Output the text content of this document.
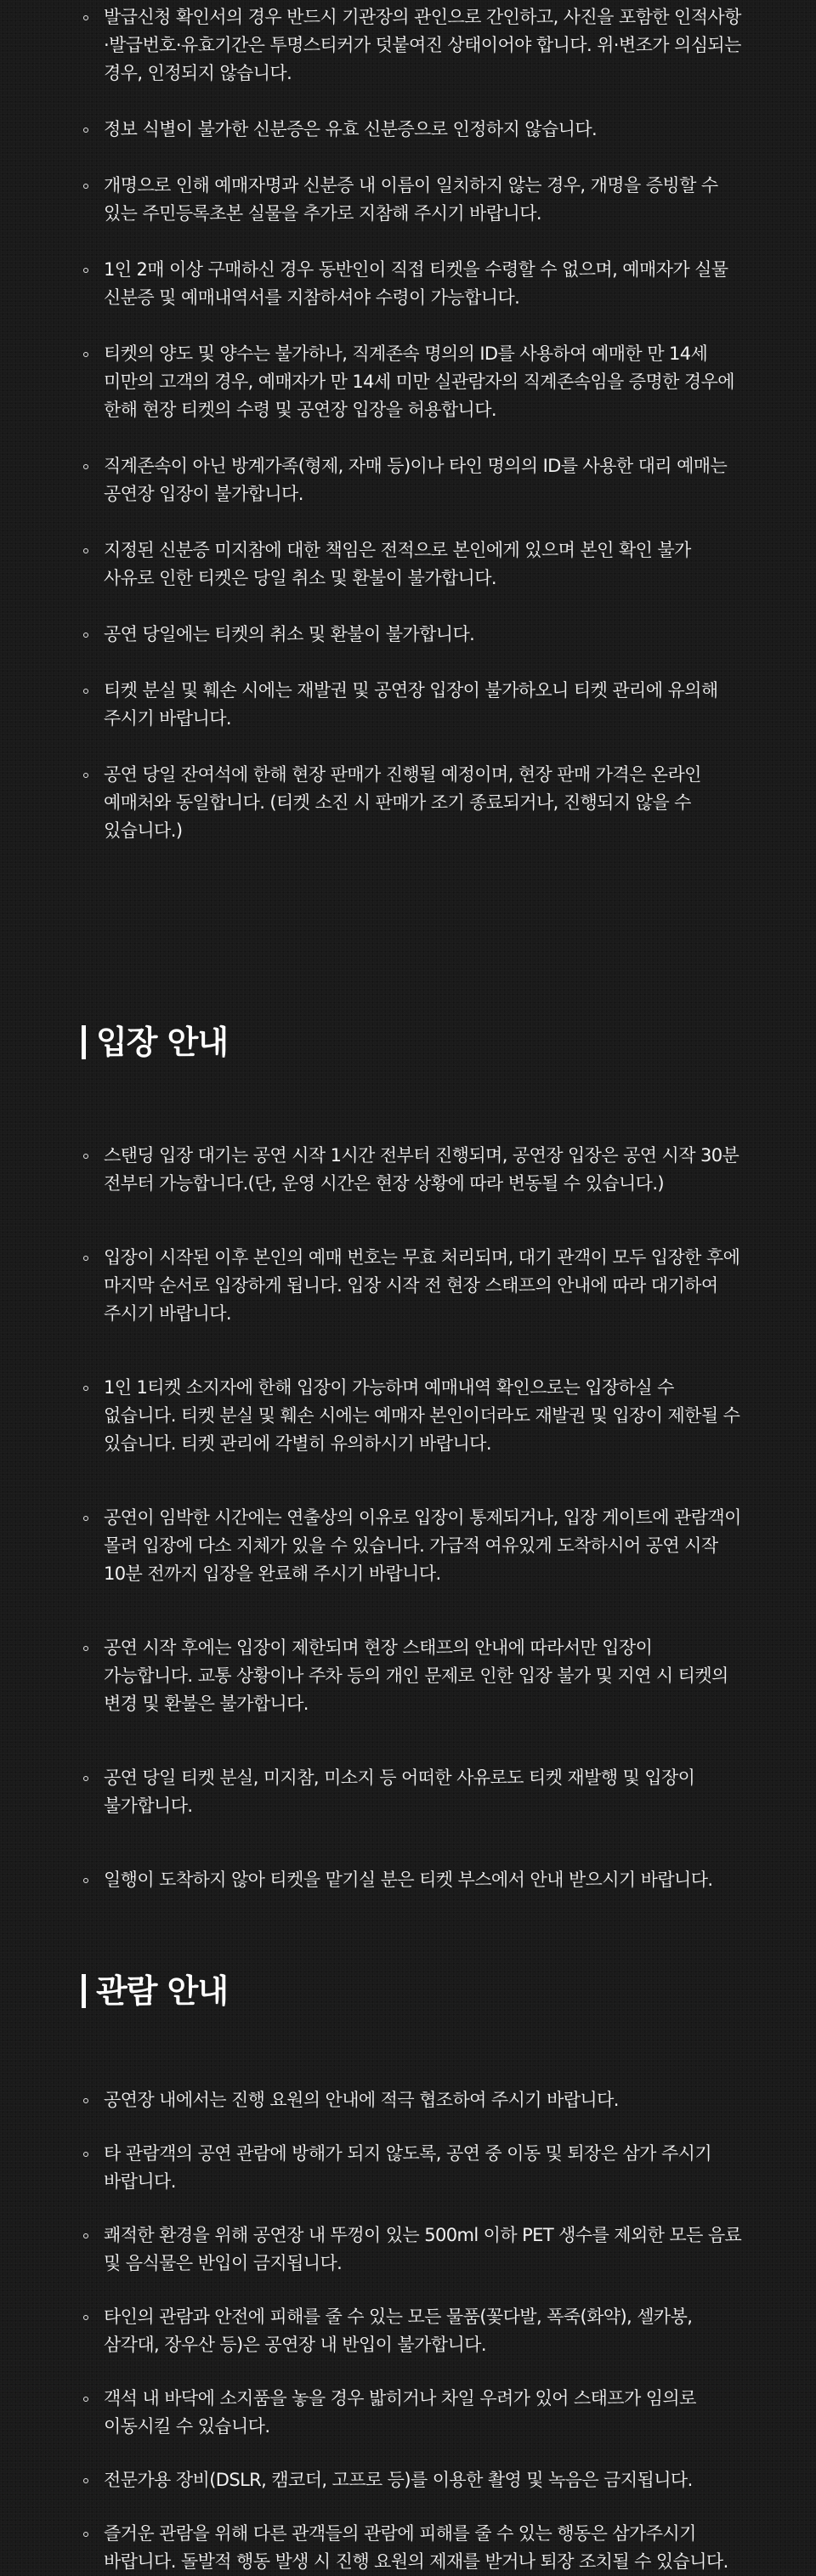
발급신청 확인서의 경우 반드시 기관장의 관인으로 간인하고, 사진을 포함한 인적사항·발급번호·유효기간은 투명스티커가 덧붙여진 상태이어야 합니다. 위·변조가 의심되는 경우, 인정되지 않습니다.
정보 식별이 불가한 신분증은 유효 신분증으로 인정하지 않습니다.
개명으로 인해 예매자명과 신분증 내 이름이 일치하지 않는 경우, 개명을 증빙할 수 있는 주민등록초본 실물을 추가로 지참해 주시기 바랍니다.
1인 2매 이상 구매하신 경우 동반인이 직접 티켓을 수령할 수 없으며, 예매자가 실물 신분증 및 예매내역서를 지참하셔야 수령이 가능합니다.
티켓의 양도 및 양수는 불가하나, 직계존속 명의의 ID를 사용하여 예매한 만 14세 미만의 고객의 경우, 예매자가 만 14세 미만 실관람자의 직계존속임을 증명한 경우에 한해 현장 티켓의 수령 및 공연장 입장을 허용합니다.
직계존속이 아닌 방계가족(형제, 자매 등)이나 타인 명의의 ID를 사용한 대리 예매는 공연장 입장이 불가합니다.
지정된 신분증 미지참에 대한 책임은 전적으로 본인에게 있으며 본인 확인 불가 사유로 인한 티켓은 당일 취소 및 환불이 불가합니다.
공연 당일에는 티켓의 취소 및 환불이 불가합니다.
티켓 분실 및 훼손 시에는 재발권 및 공연장 입장이 불가하오니 티켓 관리에 유의해 주시기 바랍니다.
공연 당일 잔여석에 한해 현장 판매가 진행될 예정이며, 현장 판매 가격은 온라인 예매처와 동일합니다. (티켓 소진 시 판매가 조기 종료되거나, 진행되지 않을 수 있습니다.)
입장 안내
스탠딩 입장 대기는 공연 시작 1시간 전부터 진행되며, 공연장 입장은 공연 시작 30분 전부터 가능합니다.(단, 운영 시간은 현장 상황에 따라 변동될 수 있습니다.)
입장이 시작된 이후 본인의 예매 번호는 무효 처리되며, 대기 관객이 모두 입장한 후에 마지막 순서로 입장하게 됩니다. 입장 시작 전 현장 스태프의 안내에 따라 대기하여 주시기 바랍니다.
1인 1티켓 소지자에 한해 입장이 가능하며 예매내역 확인으로는 입장하실 수 없습니다. 티켓 분실 및 훼손 시에는 예매자 본인이더라도 재발권 및 입장이 제한될 수 있습니다. 티켓 관리에 각별히 유의하시기 바랍니다.
공연이 임박한 시간에는 연출상의 이유로 입장이 통제되거나, 입장 게이트에 관람객이 몰려 입장에 다소 지체가 있을 수 있습니다. 가급적 여유있게 도착하시어 공연 시작 10분 전까지 입장을 완료해 주시기 바랍니다.
공연 시작 후에는 입장이 제한되며 현장 스태프의 안내에 따라서만 입장이 가능합니다. 교통 상황이나 주차 등의 개인 문제로 인한 입장 불가 및 지연 시 티켓의 변경 및 환불은 불가합니다.
공연 당일 티켓 분실, 미지참, 미소지 등 어떠한 사유로도 티켓 재발행 및 입장이 불가합니다.
일행이 도착하지 않아 티켓을 맡기실 분은 티켓 부스에서 안내 받으시기 바랍니다.
관람 안내
공연장 내에서는 진행 요원의 안내에 적극 협조하여 주시기 바랍니다.
타 관람객의 공연 관람에 방해가 되지 않도록, 공연 중 이동 및 퇴장은 삼가 주시기 바랍니다.
쾌적한 환경을 위해 공연장 내 뚜껑이 있는 500ml 이하 PET 생수를 제외한 모든 음료 및 음식물은 반입이 금지됩니다.
타인의 관람과 안전에 피해를 줄 수 있는 모든 물품(꽃다발, 폭죽(화약), 셀카봉, 삼각대, 장우산 등)은 공연장 내 반입이 불가합니다.
객석 내 바닥에 소지품을 놓을 경우 밟히거나 차일 우려가 있어 스태프가 임의로 이동시킬 수 있습니다.
전문가용 장비(DSLR, 캠코더, 고프로 등)를 이용한 촬영 및 녹음은 금지됩니다.
즐거운 관람을 위해 다른 관객들의 관람에 피해를 줄 수 있는 행동은 삼가주시기 바랍니다. 돌발적 행동 발생 시 진행 요원의 제재를 받거나 퇴장 조치될 수 있습니다.
